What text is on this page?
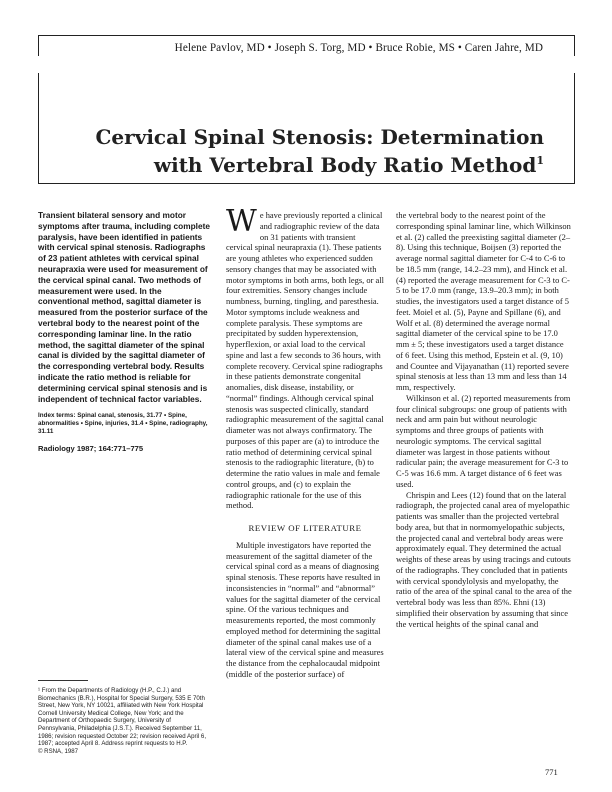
Helene Pavlov, MD • Joseph S. Torg, MD • Bruce Robie, MS • Caren Jahre, MD
Cervical Spinal Stenosis: Determination
with Vertebral Body Ratio Method$^1$

Transient bilateral sensory and motor symptoms after trauma, including complete paralysis, have been identified in patients with cervical spinal stenosis. Radiographs of 23 patient athletes with cervical spinal neurapraxia were used for measurement of the cervical spinal canal. Two methods of measurement were used. In the conventional method, sagittal diameter is measured from the posterior surface of the vertebral body to the nearest point of the corresponding laminar line. In the ratio method, the sagittal diameter of the spinal canal is divided by the sagittal diameter of the corresponding vertebral body. Results indicate the ratio method is reliable for determining cervical spinal stenosis and is independent of technical factor variables.

Index terms: Spinal canal, stenosis, 31.77 • Spine, abnormalities • Spine, injuries, 31.4 • Spine, radiography, 31.11

Radiology 1987; 164:771–775

We have previously reported a clinical and radiographic review of the data on 31 patients with transient cervical spinal neurapraxia (1). These patients are young athletes who experienced sudden sensory changes that may be associated with motor symptoms in both arms, both legs, or all four extremities. Sensory changes include numbness, burning, tingling, and paresthesia. Motor symptoms include weakness and complete paralysis. These symptoms are precipitated by sudden hyperextension, hyperflexion, or axial load to the cervical spine and last a few seconds to 36 hours, with complete recovery. Cervical spine radiographs in these patients demonstrate congenital anomalies, disk disease, instability, or “normal” findings. Although cervical spinal stenosis was suspected clinically, standard radiographic measurement of the sagittal canal diameter was not always confirmatory. The purposes of this paper are (a) to introduce the ratio method of determining cervical spinal stenosis to the radiographic literature, (b) to determine the ratio values in male and female control groups, and (c) to explain the radiographic rationale for the use of this method.

REVIEW OF LITERATURE

Multiple investigators have reported the measurement of the sagittal diameter of the cervical spinal cord as a means of diagnosing spinal stenosis. These reports have resulted in inconsistencies in “normal” and “abnormal” values for the sagittal diameter of the cervical spine. Of the various techniques and measurements reported, the most commonly employed method for determining the sagittal diameter of the spinal canal makes use of a lateral view of the cervical spine and measures the distance from the cephalocaudal midpoint (middle of the posterior surface) of

the vertebral body to the nearest point of the corresponding spinal laminar line, which Wilkinson et al. (2) called the preexisting sagittal diameter (2–8). Using this technique, Boijsen (3) reported the average normal sagittal diameter for C-4 to C-6 to be 18.5 mm (range, 14.2–23 mm), and Hinck et al. (4) reported the average measurement for C-3 to C-5 to be 17.0 mm (range, 13.9–20.3 mm); in both studies, the investigators used a target distance of 5 feet. Moiel et al. (5), Payne and Spillane (6), and Wolf et al. (8) determined the average normal sagittal diameter of the cervical spine to be 17.0 mm ± 5; these investigators used a target distance of 6 feet. Using this method, Epstein et al. (9, 10) and Countee and Vijayanathan (11) reported severe spinal stenosis at less than 13 mm and less than 14 mm, respectively.

Wilkinson et al. (2) reported measurements from four clinical subgroups: one group of patients with neck and arm pain but without neurologic symptoms and three groups of patients with neurologic symptoms. The cervical sagittal diameter was largest in those patients without radicular pain; the average measurement for C-3 to C-5 was 16.6 mm. A target distance of 6 feet was used.

Chrispin and Lees (12) found that on the lateral radiograph, the projected canal area of myelopathic patients was smaller than the projected vertebral body area, but that in normomyelopathic subjects, the projected canal and vertebral body areas were approximately equal. They determined the actual weights of these areas by using tracings and cutouts of the radiographs. They concluded that in patients with cervical spondylolysis and myelopathy, the ratio of the area of the spinal canal to the area of the vertebral body was less than 85%. Ehni (13) simplified their observation by assuming that since the vertical heights of the spinal canal and

¹ From the Departments of Radiology (H.P., C.J.) and Biomechanics (B.R.), Hospital for Special Surgery, 535 E 70th Street, New York, NY 10021, affiliated with New York Hospital Cornell University Medical College, New York; and the Department of Orthopaedic Surgery, University of Pennsylvania, Philadelphia (J.S.T.). Received September 11, 1986; revision requested October 22; revision received April 6, 1987; accepted April 8. Address reprint requests to H.P.
© RSNA, 1987
771
